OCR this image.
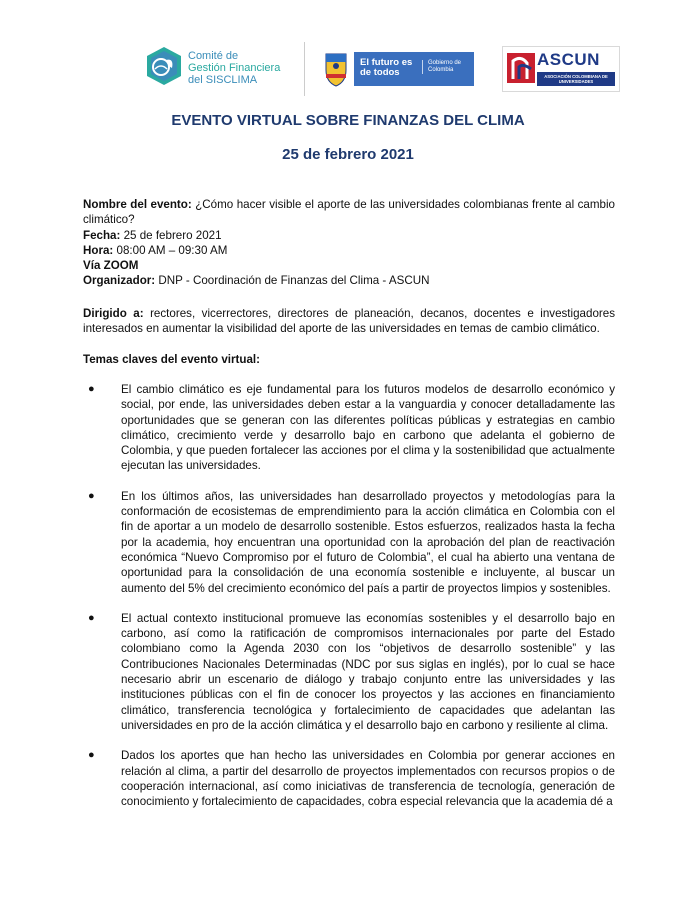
Comité de
Gestión Financiera
del SISCLIMA
El futuro es de todos
Gobierno de Colombia
ASCUN
ASOCIACIÓN COLOMBIANA DE UNIVERSIDADES
EVENTO VIRTUAL SOBRE FINANZAS DEL CLIMA
25 de febrero 2021

Nombre del evento: ¿Cómo hacer visible el aporte de las universidades colombianas frente al cambio climático?

Fecha: 25 de febrero 2021

Hora: 08:00 AM – 09:30 AM

Vía ZOOM

Organizador: DNP - Coordinación de Finanzas del Clima - ASCUN

Dirigido a: rectores, vicerrectores, directores de planeación, decanos, docentes e investigadores interesados en aumentar la visibilidad del aporte de las universidades en temas de cambio climático.

Temas claves del evento virtual:
● El cambio climático es eje fundamental para los futuros modelos de desarrollo económico y social, por ende, las universidades deben estar a la vanguardia y conocer detalladamente las oportunidades que se generan con las diferentes políticas públicas y estrategias en cambio climático, crecimiento verde y desarrollo bajo en carbono que adelanta el gobierno de Colombia, y que pueden fortalecer las acciones por el clima y la sostenibilidad que actualmente ejecutan las universidades.
● En los últimos años, las universidades han desarrollado proyectos y metodologías para la conformación de ecosistemas de emprendimiento para la acción climática en Colombia con el fin de aportar a un modelo de desarrollo sostenible. Estos esfuerzos, realizados hasta la fecha por la academia, hoy encuentran una oportunidad con la aprobación del plan de reactivación económica “Nuevo Compromiso por el futuro de Colombia”, el cual ha abierto una ventana de oportunidad para la consolidación de una economía sostenible e incluyente, al buscar un aumento del 5% del crecimiento económico del país a partir de proyectos limpios y sostenibles.
● El actual contexto institucional promueve las economías sostenibles y el desarrollo bajo en carbono, así como la ratificación de compromisos internacionales por parte del Estado colombiano como la Agenda 2030 con los “objetivos de desarrollo sostenible” y las Contribuciones Nacionales Determinadas (NDC por sus siglas en inglés), por lo cual se hace necesario abrir un escenario de diálogo y trabajo conjunto entre las universidades y las instituciones públicas con el fin de conocer los proyectos y las acciones en financiamiento climático, transferencia tecnológica y fortalecimiento de capacidades que adelantan las universidades en pro de la acción climática y el desarrollo bajo en carbono y resiliente al clima.
● Dados los aportes que han hecho las universidades en Colombia por generar acciones en relación al clima, a partir del desarrollo de proyectos implementados con recursos propios o de cooperación internacional, así como iniciativas de transferencia de tecnología, generación de conocimiento y fortalecimiento de capacidades, cobra especial relevancia que la academia dé a
